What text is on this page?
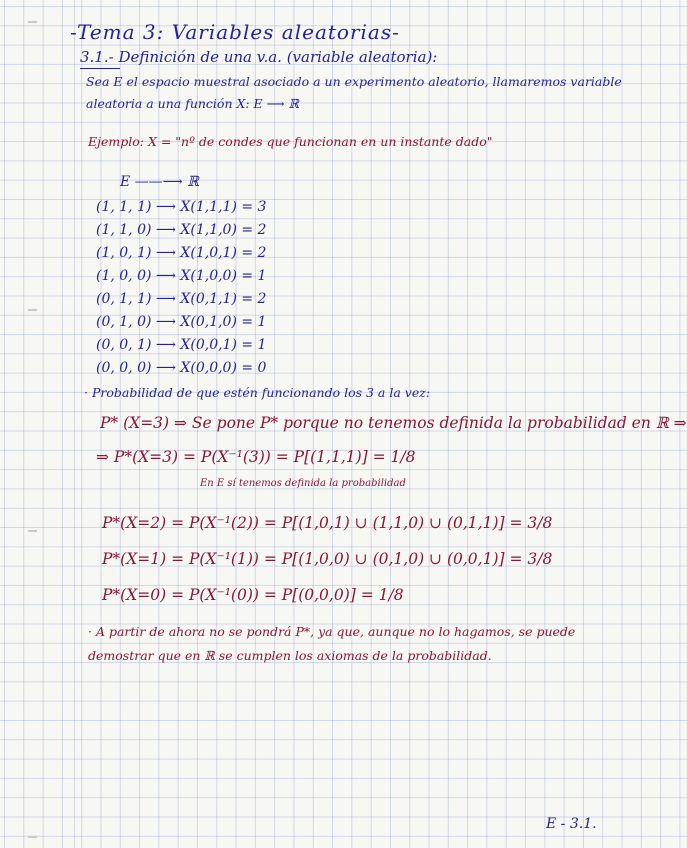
-Tema 3: Variables aleatorias-
3.1.- Definición de una v.a. (variable aleatoria):
Sea E el espacio muestral asociado a un experimento aleatorio, llamaremos variable
aleatoria a una función X: E ⟶ ℝ
Ejemplo: X = "nº de condes que funcionan en un instante dado"
E ——⟶ ℝ
(1, 1, 1) ⟶ X(1,1,1) = 3
(1, 1, 0) ⟶ X(1,1,0) = 2
(1, 0, 1) ⟶ X(1,0,1) = 2
(1, 0, 0) ⟶ X(1,0,0) = 1
(0, 1, 1) ⟶ X(0,1,1) = 2
(0, 1, 0) ⟶ X(0,1,0) = 1
(0, 0, 1) ⟶ X(0,0,1) = 1
(0, 0, 0) ⟶ X(0,0,0) = 0
· Probabilidad de que estén funcionando los 3 a la vez:
P* (X=3) ⇒ Se pone P* porque no tenemos definida la probabilidad en ℝ ⇒
⇒ P*(X=3) = P(X⁻¹(3)) = P[(1,1,1)] = 1/8
En E sí tenemos definida la probabilidad
P*(X=2) = P(X⁻¹(2)) = P[(1,0,1) ∪ (1,1,0) ∪ (0,1,1)] = 3/8
P*(X=1) = P(X⁻¹(1)) = P[(1,0,0) ∪ (0,1,0) ∪ (0,0,1)] = 3/8
P*(X=0) = P(X⁻¹(0)) = P[(0,0,0)] = 1/8
· A partir de ahora no se pondrá P*, ya que, aunque no lo hagamos, se puede
demostrar que en ℝ se cumplen los axiomas de la probabilidad.
E - 3.1.
